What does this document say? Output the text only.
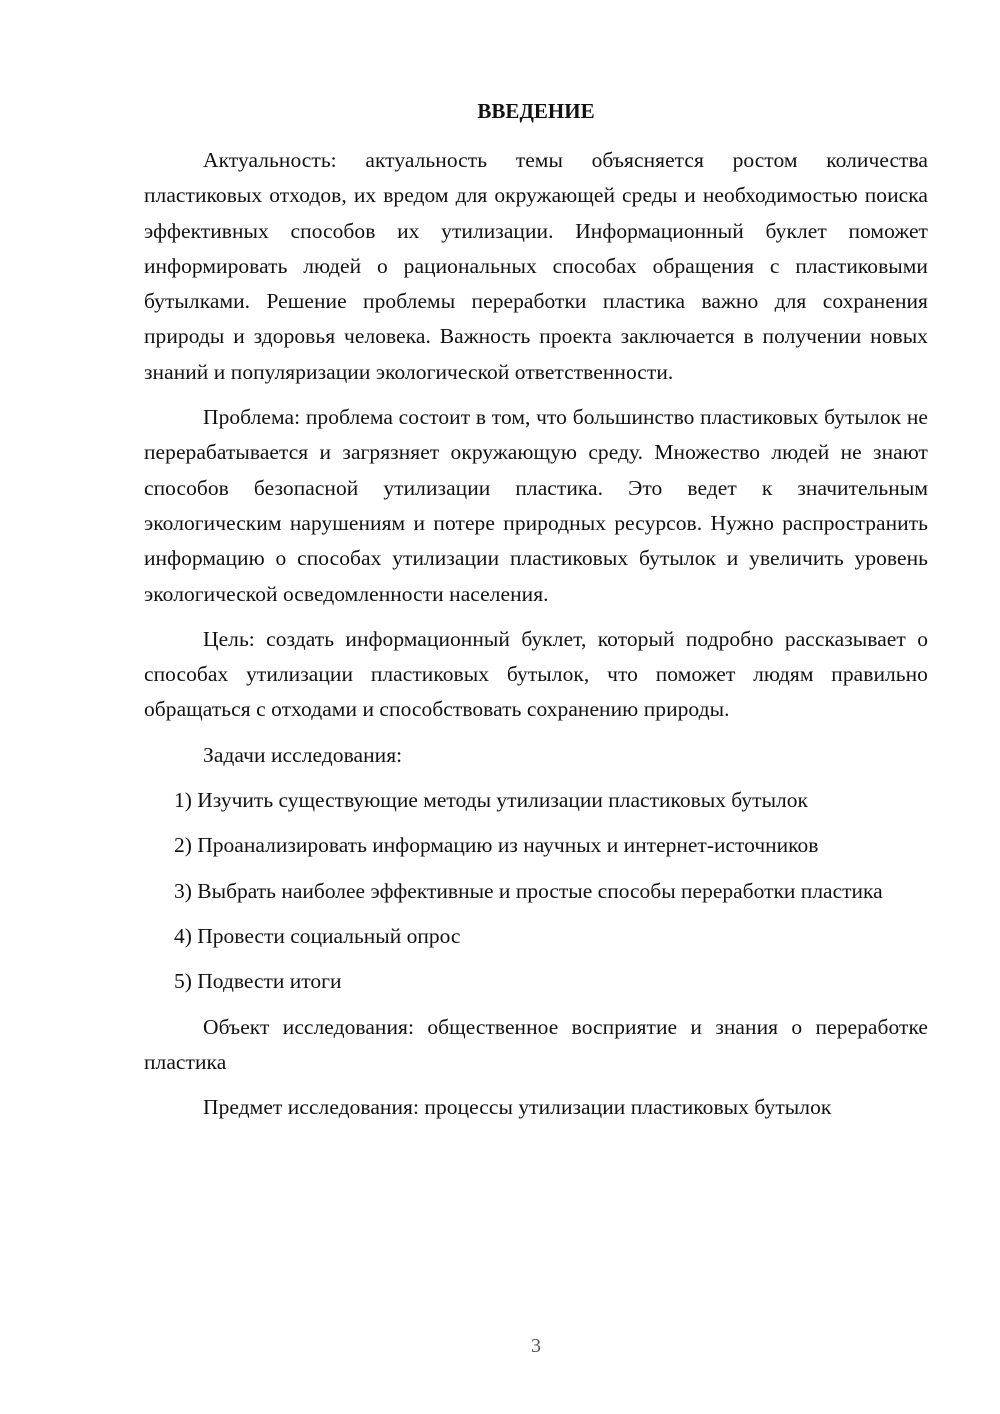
ВВЕДЕНИЕ

Актуальность: актуальность темы объясняется ростом количества пластиковых отходов, их вредом для окружающей среды и необходимостью поиска эффективных способов их утилизации. Информационный буклет поможет информировать людей о рациональных способах обращения с пластиковыми бутылками. Решение проблемы переработки пластика важно для сохранения природы и здоровья человека. Важность проекта заключается в получении новых знаний и популяризации экологической ответственности.

Проблема: проблема состоит в том, что большинство пластиковых бутылок не перерабатывается и загрязняет окружающую среду. Множество людей не знают способов безопасной утилизации пластика. Это ведет к значительным экологическим нарушениям и потере природных ресурсов. Нужно распространить информацию о способах утилизации пластиковых бутылок и увеличить уровень экологической осведомленности населения.

Цель: создать информационный буклет, который подробно рассказывает о способах утилизации пластиковых бутылок, что поможет людям правильно обращаться с отходами и способствовать сохранению природы.

Задачи исследования:

1) Изучить существующие методы утилизации пластиковых бутылок

2) Проанализировать информацию из научных и интернет-источников

3) Выбрать наиболее эффективные и простые способы переработки пластика

4) Провести социальный опрос

5) Подвести итоги

Объект исследования: общественное восприятие и знания о переработке пластика

Предмет исследования: процессы утилизации пластиковых бутылок

3
